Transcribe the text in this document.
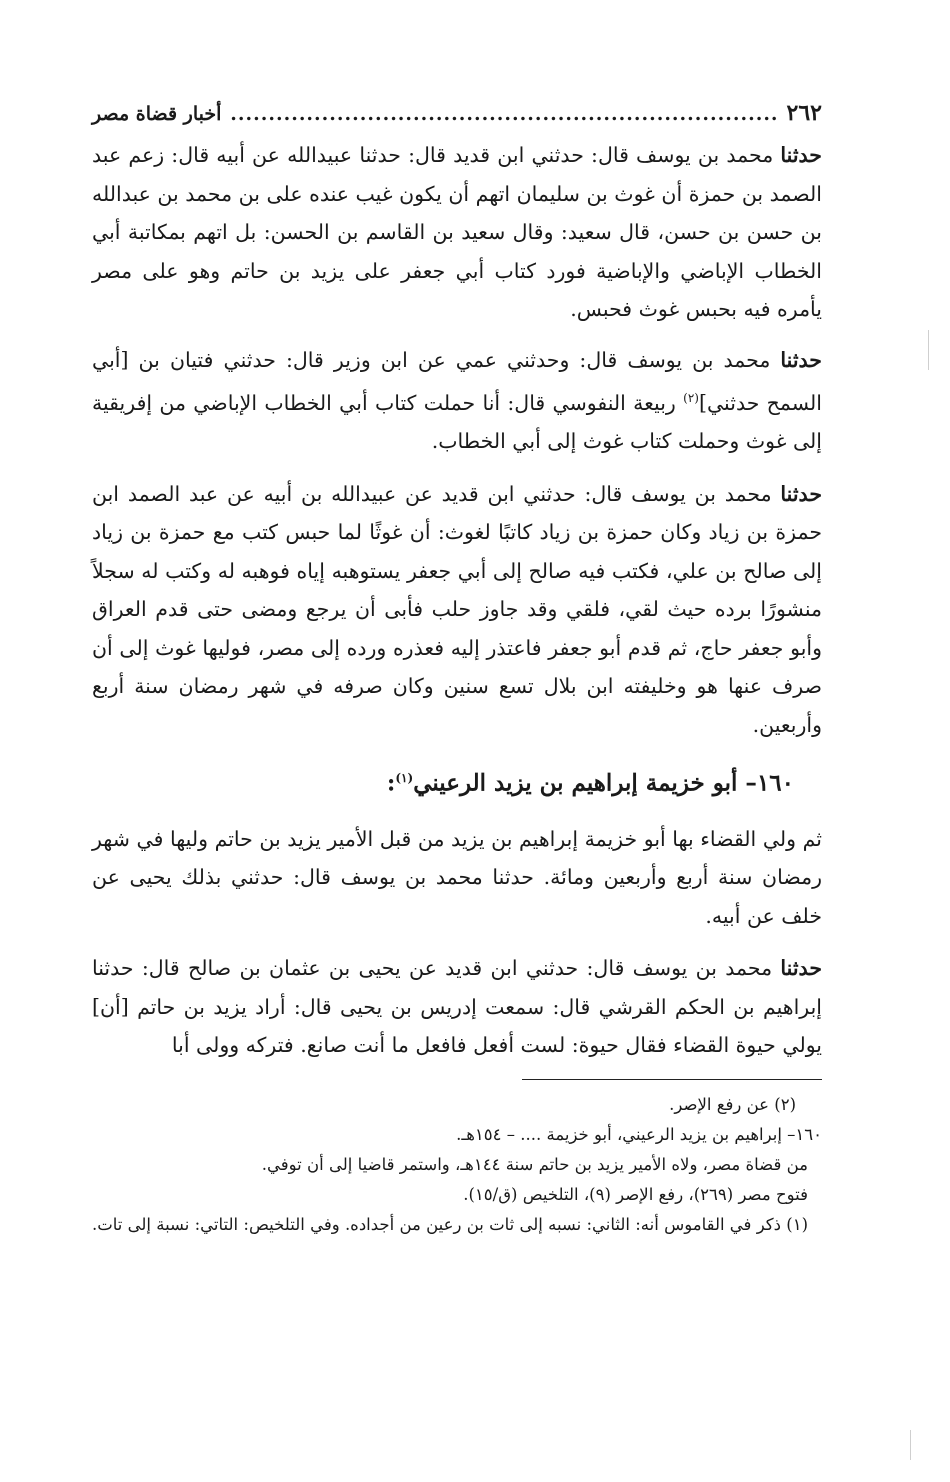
٢٦٢
.....
أخبار قضاة مصر

حدثنا محمد بن يوسف قال: حدثني ابن قديد قال: حدثنا عبيدالله عن أبيه قال: زعم عبد الصمد بن حمزة أن غوث بن سليمان اتهم أن يكون غيب عنده على بن محمد بن عبدالله بن حسن بن حسن، قال سعيد: وقال سعيد بن القاسم بن الحسن: بل اتهم بمكاتبة أبي الخطاب الإباضي والإباضية فورد كتاب أبي جعفر على يزيد بن حاتم وهو على مصر يأمره فيه بحبس غوث فحبس.

حدثنا محمد بن يوسف قال: وحدثني عمي عن ابن وزير قال: حدثني فتيان بن [أبي السمح حدثني]$^{(٢)}$ ربيعة النفوسي قال: أنا حملت كتاب أبي الخطاب الإباضي من إفريقية إلى غوث وحملت كتاب غوث إلى أبي الخطاب.

حدثنا محمد بن يوسف قال: حدثني ابن قديد عن عبيدالله بن أبيه عن عبد الصمد ابن حمزة بن زياد وكان حمزة بن زياد كاتبًا لغوث: أن غوثًا لما حبس كتب مع حمزة بن زياد إلى صالح بن علي، فكتب فيه صالح إلى أبي جعفر يستوهبه إياه فوهبه له وكتب له سجلاً منشورًا برده حيث لقي، فلقي وقد جاوز حلب فأبى أن يرجع ومضى حتى قدم العراق وأبو جعفر حاج، ثم قدم أبو جعفر فاعتذر إليه فعذره ورده إلى مصر، فوليها غوث إلى أن صرف عنها هو وخليفته ابن بلال تسع سنين وكان صرفه في شهر رمضان سنة أربع وأربعين.

١٦٠– أبو خزيمة إبراهيم بن يزيد الرعيني$^{(١)}$:

ثم ولي القضاء بها أبو خزيمة إبراهيم بن يزيد من قبل الأمير يزيد بن حاتم وليها في شهر رمضان سنة أربع وأربعين ومائة. حدثنا محمد بن يوسف قال: حدثني بذلك يحيى عن خلف عن أبيه.

حدثنا محمد بن يوسف قال: حدثني ابن قديد عن يحيى بن عثمان بن صالح قال: حدثنا إبراهيم بن الحكم القرشي قال: سمعت إدريس بن يحيى قال: أراد يزيد بن حاتم [أن] يولي حيوة القضاء فقال حيوة: لست أفعل فافعل ما أنت صانع. فتركه وولى أبا

(٢) عن رفع الإصر.

١٦٠– إبراهيم بن يزيد الرعيني، أبو خزيمة .... – ١٥٤هـ.

من قضاة مصر، ولاه الأمير يزيد بن حاتم سنة ١٤٤هـ، واستمر قاضيا إلى أن توفي.

فتوح مصر (٢٦٩)، رفع الإصر (٩)، التلخيص (ق/١٥).

(١) ذكر في القاموس أنه: الثاني: نسبه إلى ثات بن رعين من أجداده. وفي التلخيص: التاتي: نسبة إلى تات.
